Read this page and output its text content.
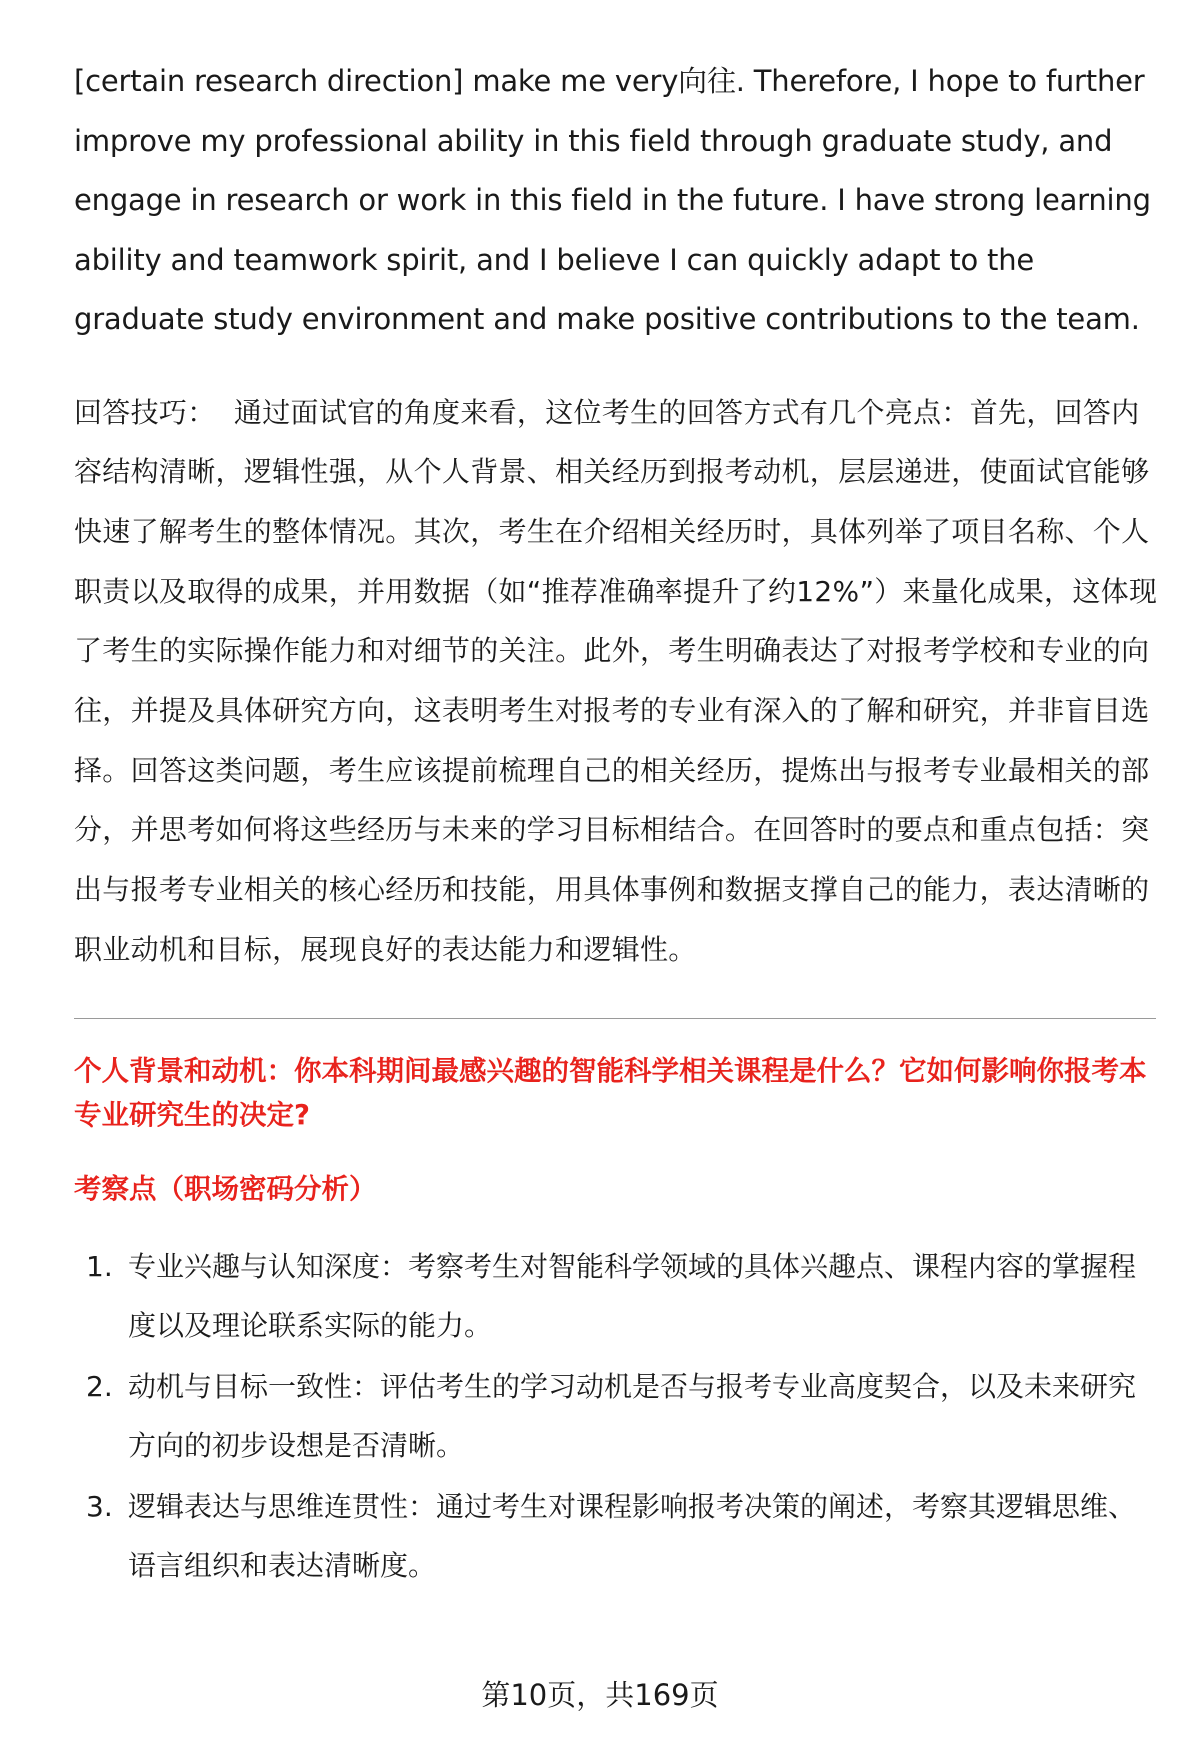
[certain research direction] make me very向往. Therefore, I hope to further improve my professional ability in this field through graduate study, and engage in research or work in this field in the future. I have strong learning ability and teamwork spirit, and I believe I can quickly adapt to the graduate study environment and make positive contributions to the team.

回答技巧： 通过面试官的角度来看，这位考生的回答方式有几个亮点：首先，回答内容结构清晰，逻辑性强，从个人背景、相关经历到报考动机，层层递进，使面试官能够快速了解考生的整体情况。其次，考生在介绍相关经历时，具体列举了项目名称、个人职责以及取得的成果，并用数据（如“推荐准确率提升了约12%”）来量化成果，这体现了考生的实际操作能力和对细节的关注。此外，考生明确表达了对报考学校和专业的向往，并提及具体研究方向，这表明考生对报考的专业有深入的了解和研究，并非盲目选择。回答这类问题，考生应该提前梳理自己的相关经历，提炼出与报考专业最相关的部分，并思考如何将这些经历与未来的学习目标相结合。在回答时的要点和重点包括：突出与报考专业相关的核心经历和技能，用具体事例和数据支撑自己的能力，表达清晰的职业动机和目标，展现良好的表达能力和逻辑性。

个人背景和动机：你本科期间最感兴趣的智能科学相关课程是什么？它如何影响你报考本专业研究生的决定?
考察点（职场密码分析）
1. 专业兴趣与认知深度：考察考生对智能科学领域的具体兴趣点、课程内容的掌握程度以及理论联系实际的能力。
2. 动机与目标一致性：评估考生的学习动机是否与报考专业高度契合，以及未来研究方向的初步设想是否清晰。
3. 逻辑表达与思维连贯性：通过考生对课程影响报考决策的阐述，考察其逻辑思维、语言组织和表达清晰度。
第10页，共169页
